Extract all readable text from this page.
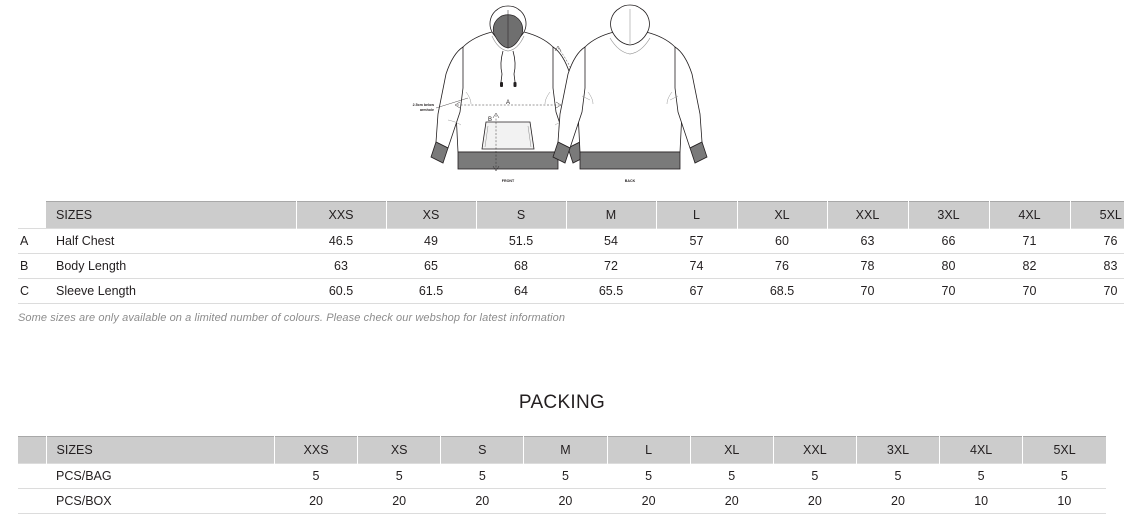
A
B
2.5cm below
armhole
FRONT	BACK
	SIZES	XXS	XS	S	M	L	XL	XXL	3XL	4XL	5XL
A	Half Chest	46.5	49	51.5	54	57	60	63	66	71	76
B	Body Length	63	65	68	72	74	76	78	80	82	83
C	Sleeve Length	60.5	61.5	64	65.5	67	68.5	70	70	70	70
Some sizes are only available on a limited number of colours. Please check our webshop for latest information
PACKING
	SIZES	XXS	XS	S	M	L	XL	XXL	3XL	4XL	5XL
	PCS/BAG	5	5	5	5	5	5	5	5	5	5
	PCS/BOX	20	20	20	20	20	20	20	20	10	10
